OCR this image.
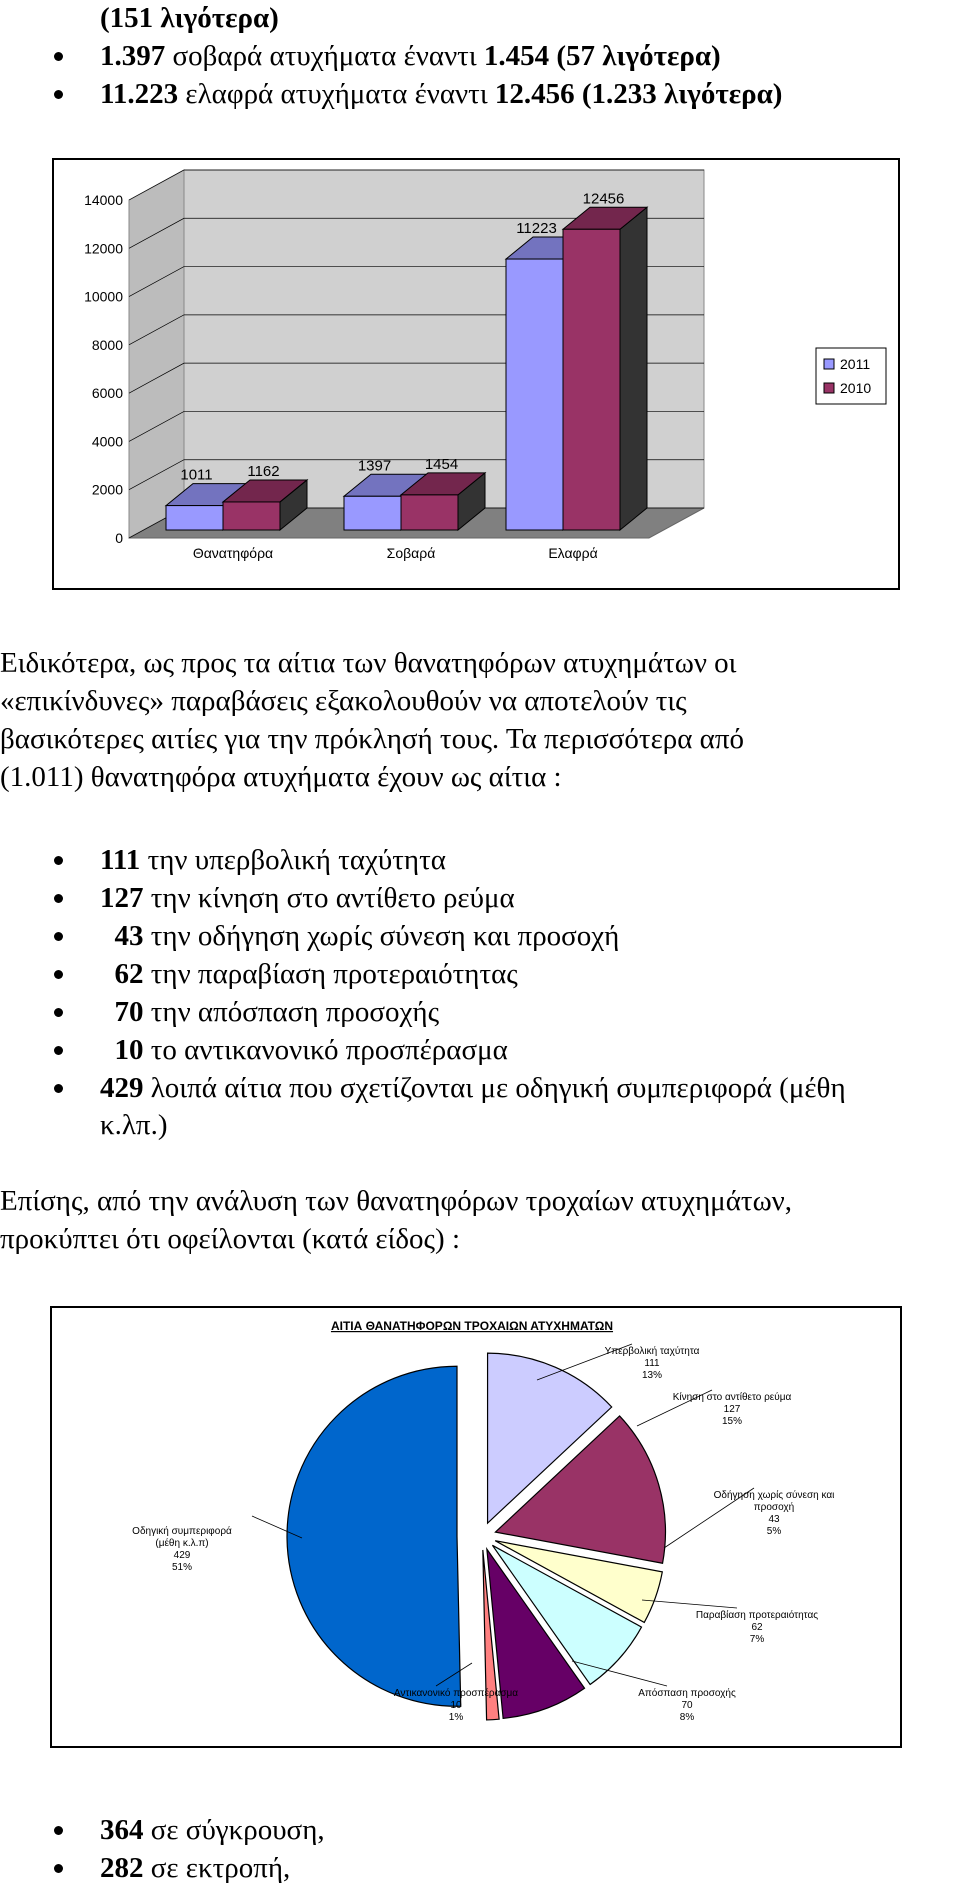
(151 λιγότερα)
1.397 σοβαρά ατυχήματα έναντι 1.454 (57 λιγότερα)
11.223 ελαφρά ατυχήματα έναντι 12.456 (1.233 λιγότερα)
0
2000
4000
6000
8000
10000
12000
14000
1011 1162
Θανατηφόρα
1397 1454
Σοβαρά
11223
12456
Ελαφρά
2011
2010
Ειδικότερα, ως προς τα αίτια των θανατηφόρων ατυχημάτων οι
«επικίνδυνες» παραβάσεις εξακολουθούν να αποτελούν τις
βασικότερες αιτίες για την πρόκλησή τους. Τα περισσότερα από
(1.011) θανατηφόρα ατυχήματα έχουν ως αίτια :
111 την υπερβολική ταχύτητα
127 την κίνηση στο αντίθετο ρεύμα
43 την οδήγηση χωρίς σύνεση και προσοχή
62 την παραβίαση προτεραιότητας
70 την απόσπαση προσοχής
10 το αντικανονικό προσπέρασμα
429 λοιπά αίτια που σχετίζονται με οδηγική συμπεριφορά (μέθη
κ.λπ.)
Επίσης, από την ανάλυση των θανατηφόρων τροχαίων ατυχημάτων,
προκύπτει ότι οφείλονται (κατά είδος) :
ΑΙΤΙΑ ΘΑΝΑΤΗΦΟΡΩΝ ΤΡΟΧΑΙΩΝ ΑΤΥΧΗΜΑΤΩΝ
Υπερβολική ταχύτητα
111
13%
Κίνηση στο αντίθετο ρεύμα
127
15%
Οδήγηση χωρίς σύνεση και
προσοχή
43
5%
Παραβίαση προτεραιότητας
62
7%
Απόσπαση προσοχής
70
8%
Αντικανονικό προσπέρασμα
10
1%
Οδηγική συμπεριφορά
(μέθη κ.λ.π)
429
51%
364 σε σύγκρουση,
282 σε εκτροπή,
